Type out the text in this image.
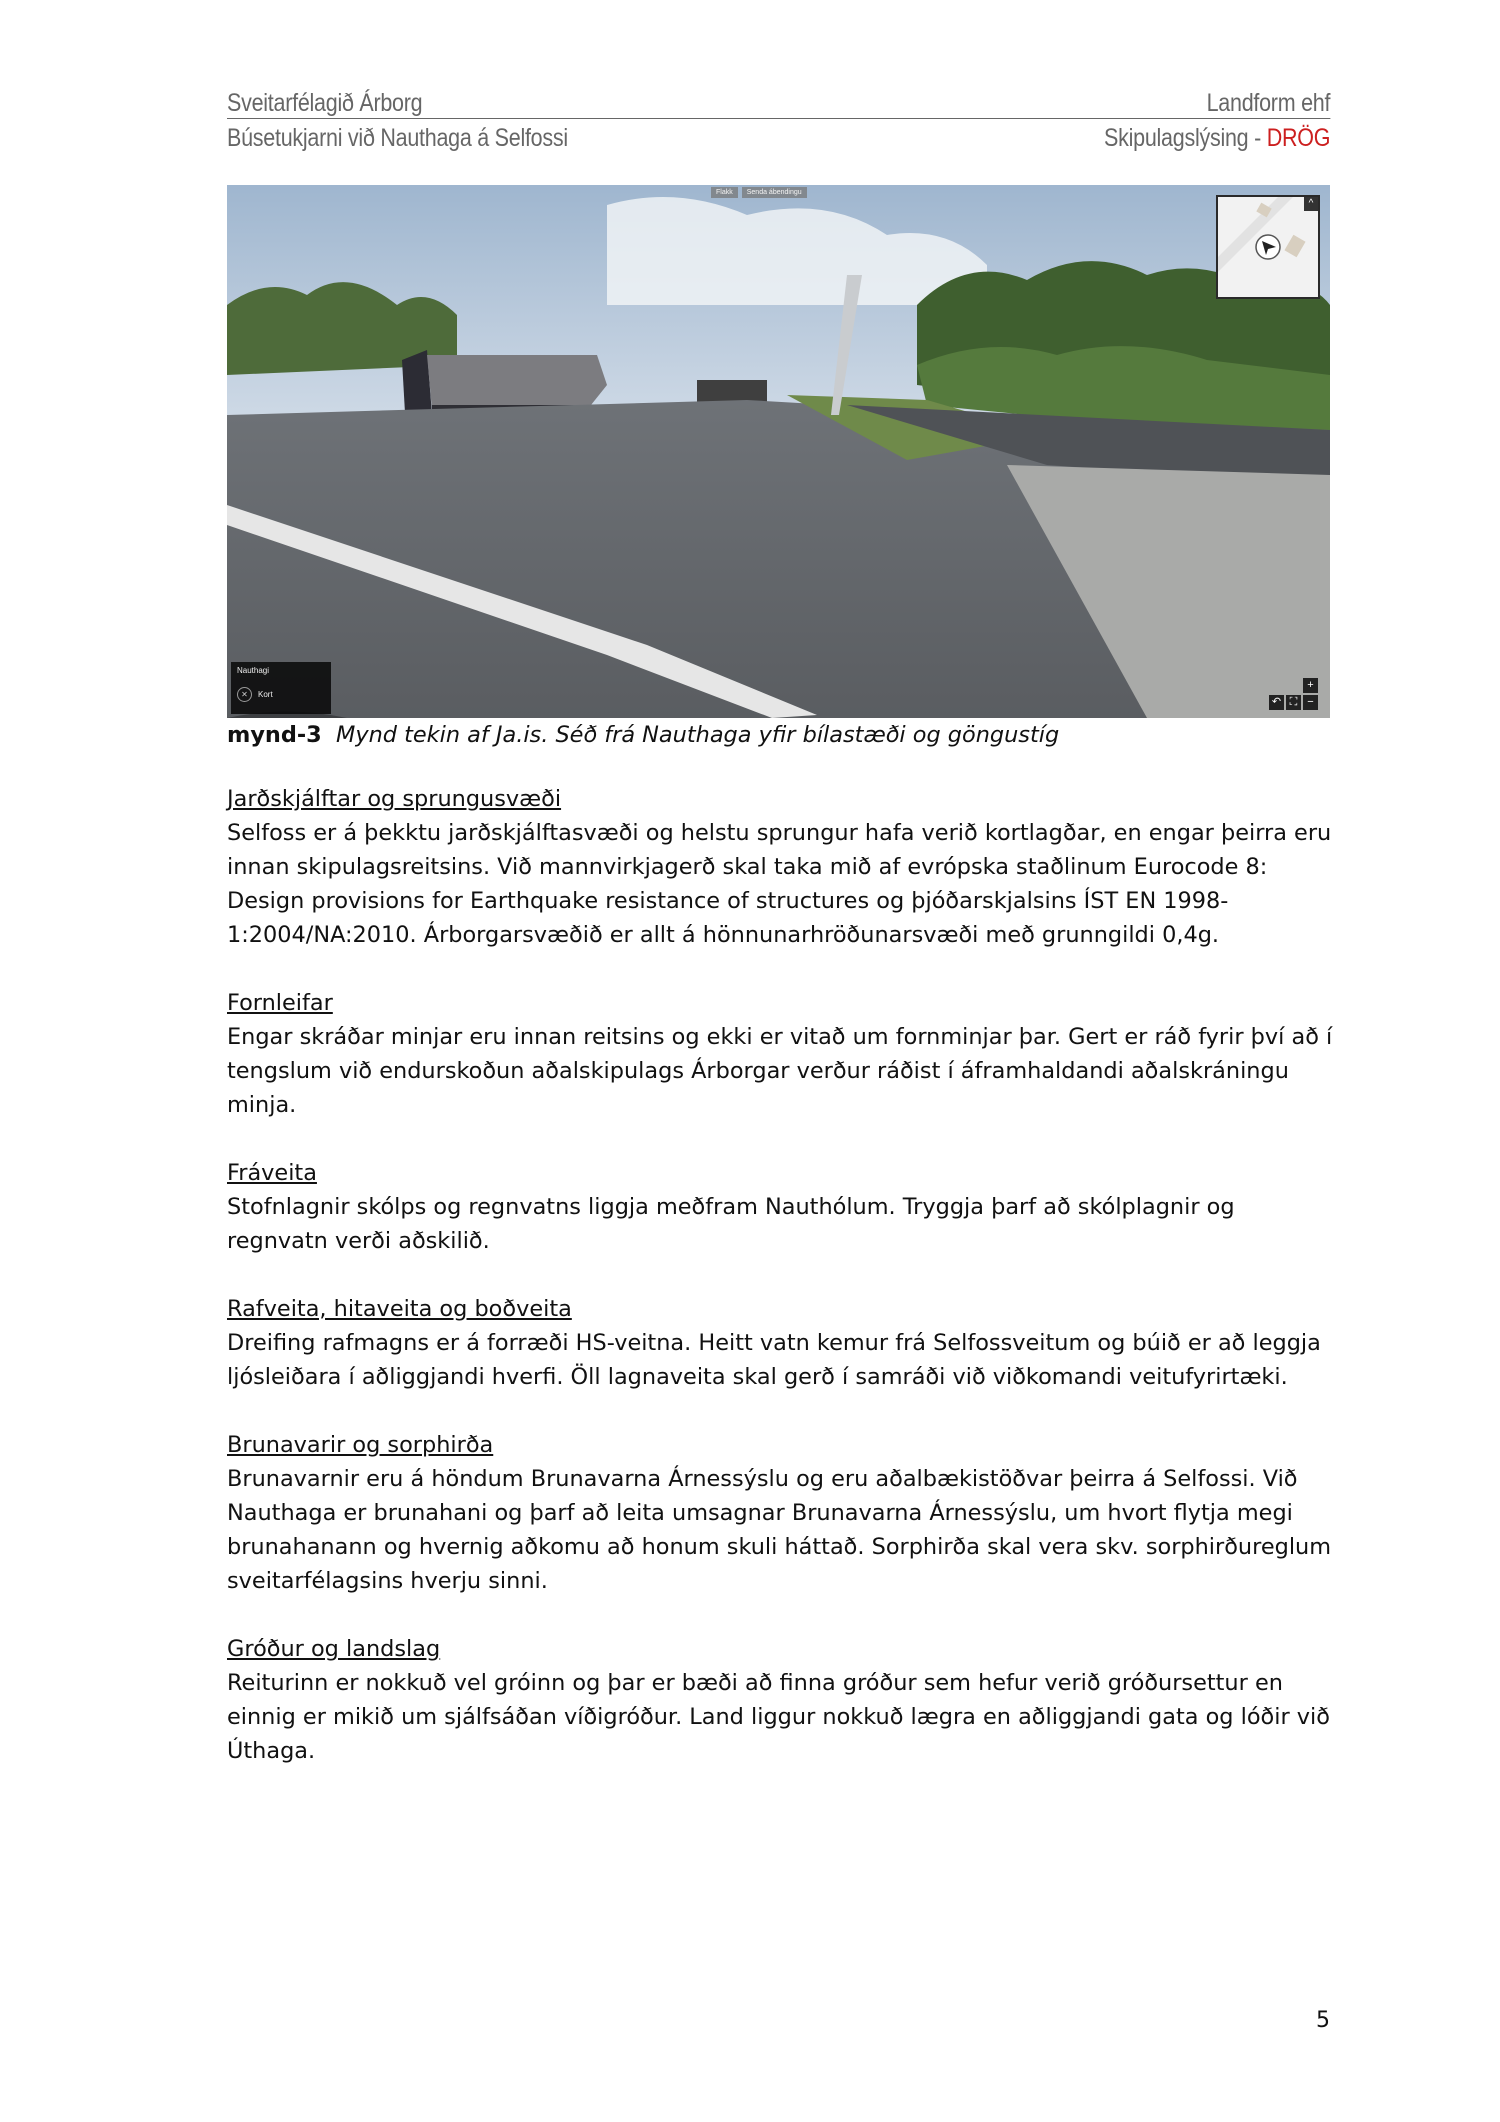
Sveitarfélagið Árborg	Landform ehf
Búsetukjarni við Nauthaga á Selfossi	Skipulagslýsing - DRÖG
Flakk	Senda ábendingu
^
Nauthagi
✕	Kort
↶ ⛶
+
−

mynd-3 Mynd tekin af Ja.is. Séð frá Nauthaga yfir bílastæði og göngustíg

Jarðskjálftar og sprungusvæði

Selfoss er á þekktu jarðskjálftasvæði og helstu sprungur hafa verið kortlagðar, en engar þeirra eru innan skipulagsreitsins. Við mannvirkjagerð skal taka mið af evrópska staðlinum Eurocode 8: Design provisions for Earthquake resistance of structures og þjóðarskjalsins ÍST EN 1998-1:2004/NA:2010. Árborgarsvæðið er allt á hönnunarhröðunarsvæði með grunngildi 0,4g.

Fornleifar

Engar skráðar minjar eru innan reitsins og ekki er vitað um fornminjar þar. Gert er ráð fyrir því að í tengslum við endurskoðun aðalskipulags Árborgar verður ráðist í áframhaldandi aðalskráningu minja.

Fráveita

Stofnlagnir skólps og regnvatns liggja meðfram Nauthólum. Tryggja þarf að skólplagnir og regnvatn verði aðskilið.

Rafveita, hitaveita og boðveita

Dreifing rafmagns er á forræði HS-veitna. Heitt vatn kemur frá Selfossveitum og búið er að leggja ljósleiðara í aðliggjandi hverfi. Öll lagnaveita skal gerð í samráði við viðkomandi veitufyrirtæki.

Brunavarir og sorphirða

Brunavarnir eru á höndum Brunavarna Árnessýslu og eru aðalbækistöðvar þeirra á Selfossi. Við Nauthaga er brunahani og þarf að leita umsagnar Brunavarna Árnessýslu, um hvort flytja megi brunahanann og hvernig aðkomu að honum skuli háttað. Sorphirða skal vera skv. sorphirðureglum sveitarfélagsins hverju sinni.

Gróður og landslag

Reiturinn er nokkuð vel gróinn og þar er bæði að finna gróður sem hefur verið gróðursettur en einnig er mikið um sjálfsáðan víðigróður. Land liggur nokkuð lægra en aðliggjandi gata og lóðir við Úthaga.

5
